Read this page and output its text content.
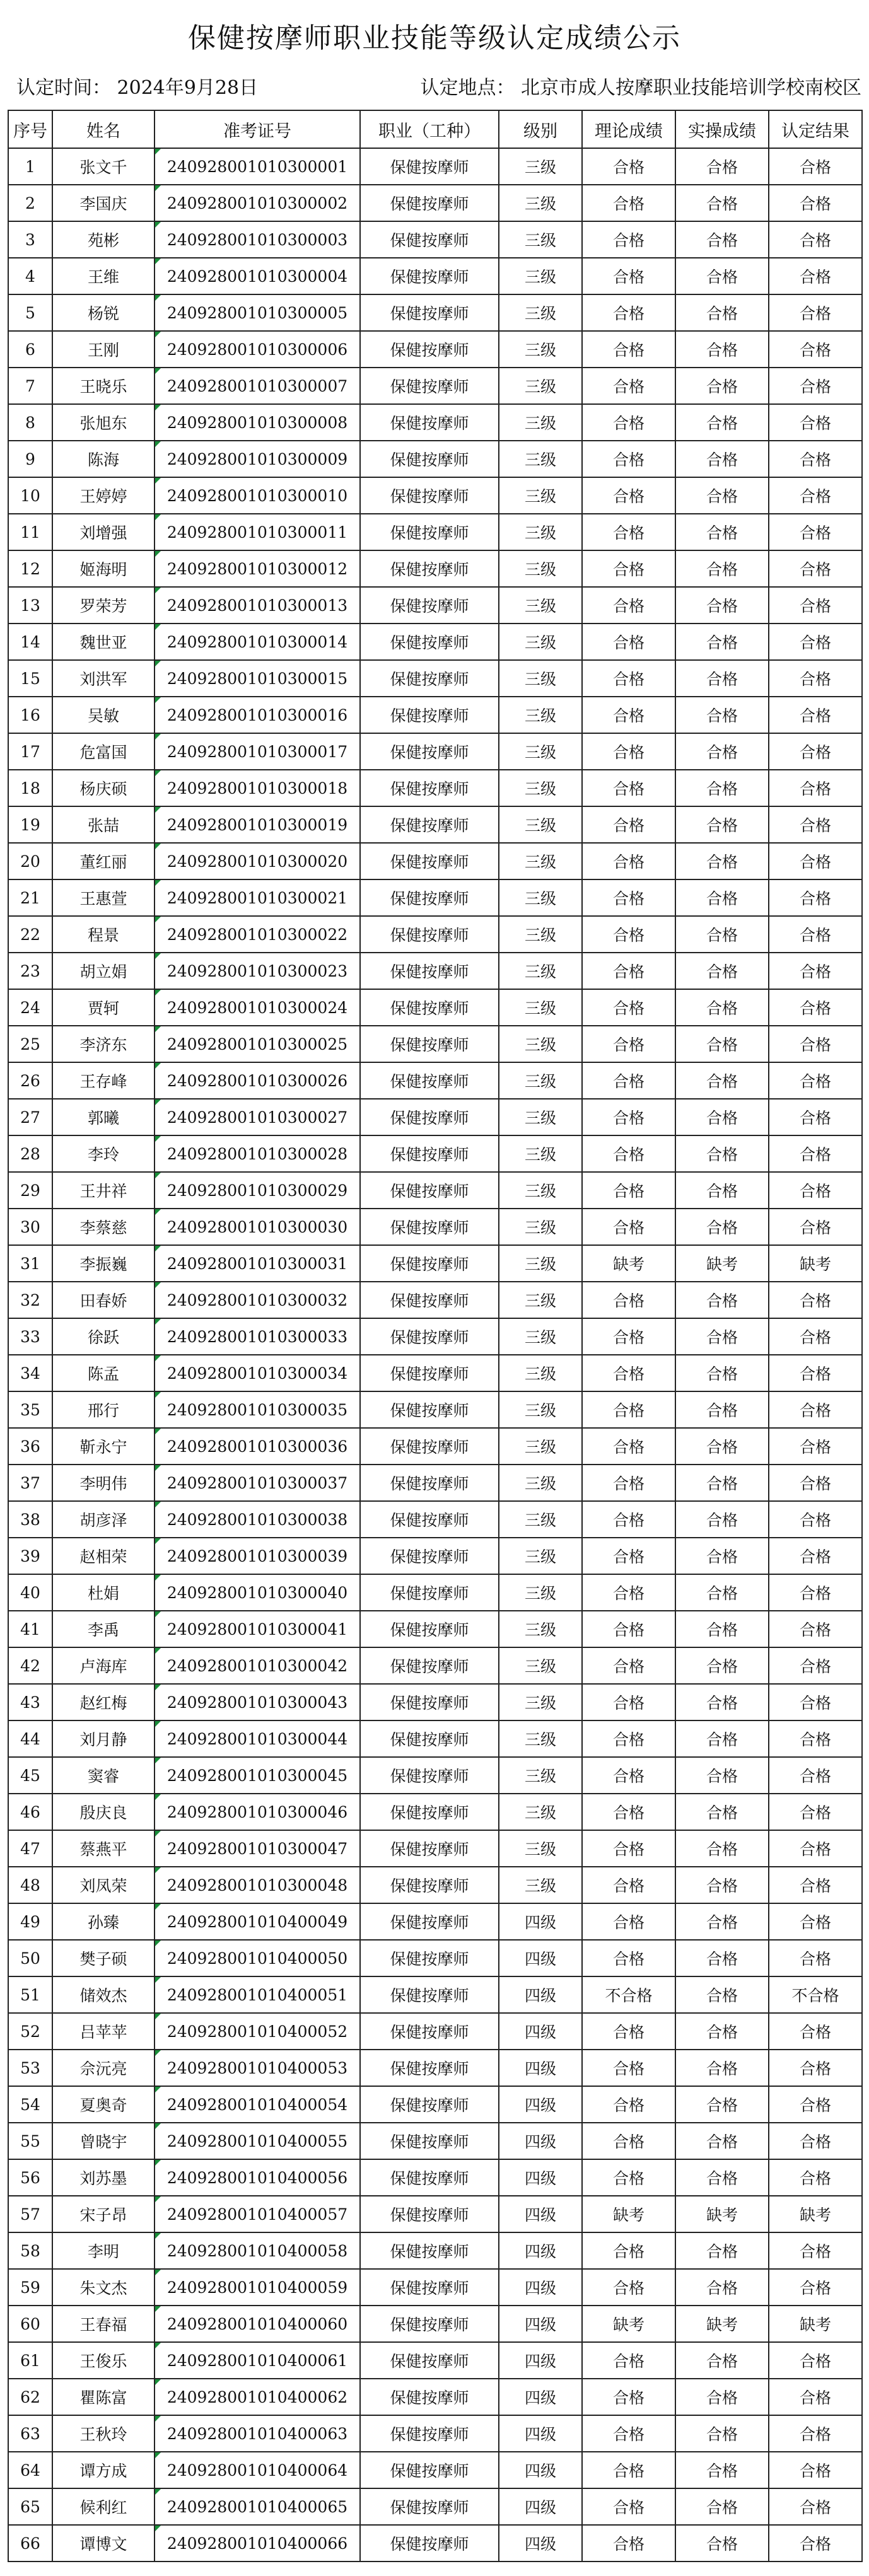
保健按摩师职业技能等级认定成绩公示
认定时间： 2024年9月28日	认定地点： 北京市成人按摩职业技能培训学校南校区
序号	姓名	准考证号	职业（工种）	级别	理论成绩	实操成绩	认定结果
1	张文千	240928001010300001	保健按摩师	三级	合格	合格	合格
2	李国庆	240928001010300002	保健按摩师	三级	合格	合格	合格
3	苑彬	240928001010300003	保健按摩师	三级	合格	合格	合格
4	王维	240928001010300004	保健按摩师	三级	合格	合格	合格
5	杨锐	240928001010300005	保健按摩师	三级	合格	合格	合格
6	王刚	240928001010300006	保健按摩师	三级	合格	合格	合格
7	王晓乐	240928001010300007	保健按摩师	三级	合格	合格	合格
8	张旭东	240928001010300008	保健按摩师	三级	合格	合格	合格
9	陈海	240928001010300009	保健按摩师	三级	合格	合格	合格
10	王婷婷	240928001010300010	保健按摩师	三级	合格	合格	合格
11	刘增强	240928001010300011	保健按摩师	三级	合格	合格	合格
12	姬海明	240928001010300012	保健按摩师	三级	合格	合格	合格
13	罗荣芳	240928001010300013	保健按摩师	三级	合格	合格	合格
14	魏世亚	240928001010300014	保健按摩师	三级	合格	合格	合格
15	刘洪军	240928001010300015	保健按摩师	三级	合格	合格	合格
16	吴敏	240928001010300016	保健按摩师	三级	合格	合格	合格
17	危富国	240928001010300017	保健按摩师	三级	合格	合格	合格
18	杨庆硕	240928001010300018	保健按摩师	三级	合格	合格	合格
19	张喆	240928001010300019	保健按摩师	三级	合格	合格	合格
20	董红丽	240928001010300020	保健按摩师	三级	合格	合格	合格
21	王惠萱	240928001010300021	保健按摩师	三级	合格	合格	合格
22	程景	240928001010300022	保健按摩师	三级	合格	合格	合格
23	胡立娟	240928001010300023	保健按摩师	三级	合格	合格	合格
24	贾轲	240928001010300024	保健按摩师	三级	合格	合格	合格
25	李济东	240928001010300025	保健按摩师	三级	合格	合格	合格
26	王存峰	240928001010300026	保健按摩师	三级	合格	合格	合格
27	郭曦	240928001010300027	保健按摩师	三级	合格	合格	合格
28	李玲	240928001010300028	保健按摩师	三级	合格	合格	合格
29	王井祥	240928001010300029	保健按摩师	三级	合格	合格	合格
30	李蔡慈	240928001010300030	保健按摩师	三级	合格	合格	合格
31	李振巍	240928001010300031	保健按摩师	三级	缺考	缺考	缺考
32	田春娇	240928001010300032	保健按摩师	三级	合格	合格	合格
33	徐跃	240928001010300033	保健按摩师	三级	合格	合格	合格
34	陈孟	240928001010300034	保健按摩师	三级	合格	合格	合格
35	邢行	240928001010300035	保健按摩师	三级	合格	合格	合格
36	靳永宁	240928001010300036	保健按摩师	三级	合格	合格	合格
37	李明伟	240928001010300037	保健按摩师	三级	合格	合格	合格
38	胡彦泽	240928001010300038	保健按摩师	三级	合格	合格	合格
39	赵相荣	240928001010300039	保健按摩师	三级	合格	合格	合格
40	杜娟	240928001010300040	保健按摩师	三级	合格	合格	合格
41	李禹	240928001010300041	保健按摩师	三级	合格	合格	合格
42	卢海库	240928001010300042	保健按摩师	三级	合格	合格	合格
43	赵红梅	240928001010300043	保健按摩师	三级	合格	合格	合格
44	刘月静	240928001010300044	保健按摩师	三级	合格	合格	合格
45	窦睿	240928001010300045	保健按摩师	三级	合格	合格	合格
46	殷庆良	240928001010300046	保健按摩师	三级	合格	合格	合格
47	蔡燕平	240928001010300047	保健按摩师	三级	合格	合格	合格
48	刘凤荣	240928001010300048	保健按摩师	三级	合格	合格	合格
49	孙臻	240928001010400049	保健按摩师	四级	合格	合格	合格
50	樊子硕	240928001010400050	保健按摩师	四级	合格	合格	合格
51	储效杰	240928001010400051	保健按摩师	四级	不合格	合格	不合格
52	吕苹苹	240928001010400052	保健按摩师	四级	合格	合格	合格
53	佘沅亮	240928001010400053	保健按摩师	四级	合格	合格	合格
54	夏奥奇	240928001010400054	保健按摩师	四级	合格	合格	合格
55	曾晓宇	240928001010400055	保健按摩师	四级	合格	合格	合格
56	刘苏墨	240928001010400056	保健按摩师	四级	合格	合格	合格
57	宋子昂	240928001010400057	保健按摩师	四级	缺考	缺考	缺考
58	李明	240928001010400058	保健按摩师	四级	合格	合格	合格
59	朱文杰	240928001010400059	保健按摩师	四级	合格	合格	合格
60	王春福	240928001010400060	保健按摩师	四级	缺考	缺考	缺考
61	王俊乐	240928001010400061	保健按摩师	四级	合格	合格	合格
62	瞿陈富	240928001010400062	保健按摩师	四级	合格	合格	合格
63	王秋玲	240928001010400063	保健按摩师	四级	合格	合格	合格
64	谭方成	240928001010400064	保健按摩师	四级	合格	合格	合格
65	候利红	240928001010400065	保健按摩师	四级	合格	合格	合格
66	谭博文	240928001010400066	保健按摩师	四级	合格	合格	合格
